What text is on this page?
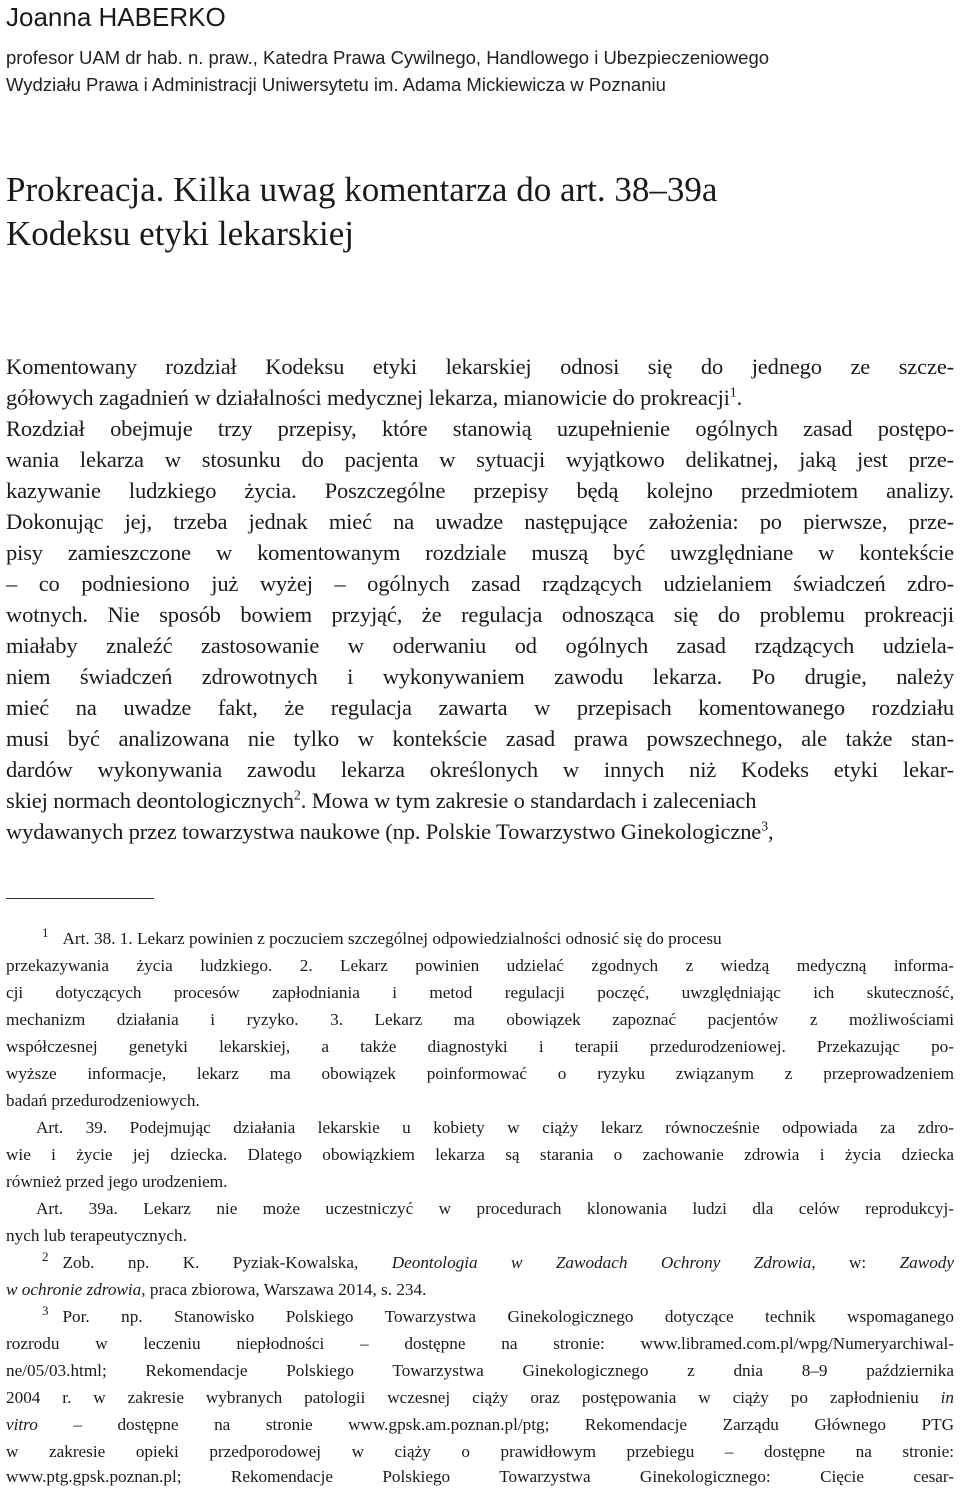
Joanna HABERKO
profesor UAM dr hab. n. praw., Katedra Prawa Cywilnego, Handlowego i Ubezpieczeniowego
Wydziału Prawa i Administracji Uniwersytetu im. Adama Mickiewicza w Poznaniu
Prokreacja. Kilka uwag komentarza do art. 38–39a
Kodeksu etyki lekarskiej
Komentowany rozdział Kodeksu etyki lekarskiej odnosi się do jednego ze szcze-
gółowych zagadnień w działalności medycznej lekarza, mianowicie do prokreacji$^1$.
Rozdział obejmuje trzy przepisy, które stanowią uzupełnienie ogólnych zasad postępo-
wania lekarza w stosunku do pacjenta w sytuacji wyjątkowo delikatnej, jaką jest prze-
kazywanie ludzkiego życia. Poszczególne przepisy będą kolejno przedmiotem analizy.
Dokonując jej, trzeba jednak mieć na uwadze następujące założenia: po pierwsze, prze-
pisy zamieszczone w komentowanym rozdziale muszą być uwzględniane w kontekście
– co podniesiono już wyżej – ogólnych zasad rządzących udzielaniem świadczeń zdro-
wotnych. Nie sposób bowiem przyjąć, że regulacja odnosząca się do problemu prokreacji
miałaby znaleźć zastosowanie w oderwaniu od ogólnych zasad rządzących udziela-
niem świadczeń zdrowotnych i wykonywaniem zawodu lekarza. Po drugie, należy
mieć na uwadze fakt, że regulacja zawarta w przepisach komentowanego rozdziału
musi być analizowana nie tylko w kontekście zasad prawa powszechnego, ale także stan-
dardów wykonywania zawodu lekarza określonych w innych niż Kodeks etyki lekar-
skiej normach deontologicznych$^2$. Mowa w tym zakresie o standardach i zaleceniach
wydawanych przez towarzystwa naukowe (np. Polskie Towarzystwo Ginekologiczne$^3$,
$^1$ Art. 38. 1. Lekarz powinien z poczuciem szczególnej odpowiedzialności odnosić się do procesu
przekazywania życia ludzkiego. 2. Lekarz powinien udzielać zgodnych z wiedzą medyczną informa-
cji dotyczących procesów zapłodniania i metod regulacji poczęć, uwzględniając ich skuteczność,
mechanizm działania i ryzyko. 3. Lekarz ma obowiązek zapoznać pacjentów z możliwościami
współczesnej genetyki lekarskiej, a także diagnostyki i terapii przedurodzeniowej. Przekazując po-
wyższe informacje, lekarz ma obowiązek poinformować o ryzyku związanym z przeprowadzeniem
badań przedurodzeniowych.
Art. 39. Podejmując działania lekarskie u kobiety w ciąży lekarz równocześnie odpowiada za zdro-
wie i życie jej dziecka. Dlatego obowiązkiem lekarza są starania o zachowanie zdrowia i życia dziecka
również przed jego urodzeniem.
Art. 39a. Lekarz nie może uczestniczyć w procedurach klonowania ludzi dla celów reprodukcyj-
nych lub terapeutycznych.
$^2$ Zob. np. K. Pyziak-Kowalska, Deontologia w Zawodach Ochrony Zdrowia, w: Zawody
w ochronie zdrowia, praca zbiorowa, Warszawa 2014, s. 234.
$^3$ Por. np. Stanowisko Polskiego Towarzystwa Ginekologicznego dotyczące technik wspomaganego
rozrodu w leczeniu niepłodności – dostępne na stronie: www.libramed.com.pl/wpg/Numeryarchiwal-
ne/05/03.html; Rekomendacje Polskiego Towarzystwa Ginekologicznego z dnia 8–9 października
2004 r. w zakresie wybranych patologii wczesnej ciąży oraz postępowania w ciąży po zapłodnieniu in
vitro – dostępne na stronie www.gpsk.am.poznan.pl/ptg; Rekomendacje Zarządu Głównego PTG
w zakresie opieki przedporodowej w ciąży o prawidłowym przebiegu – dostępne na stronie:
www.ptg.gpsk.poznan.pl; Rekomendacje Polskiego Towarzystwa Ginekologicznego: Cięcie cesar-
